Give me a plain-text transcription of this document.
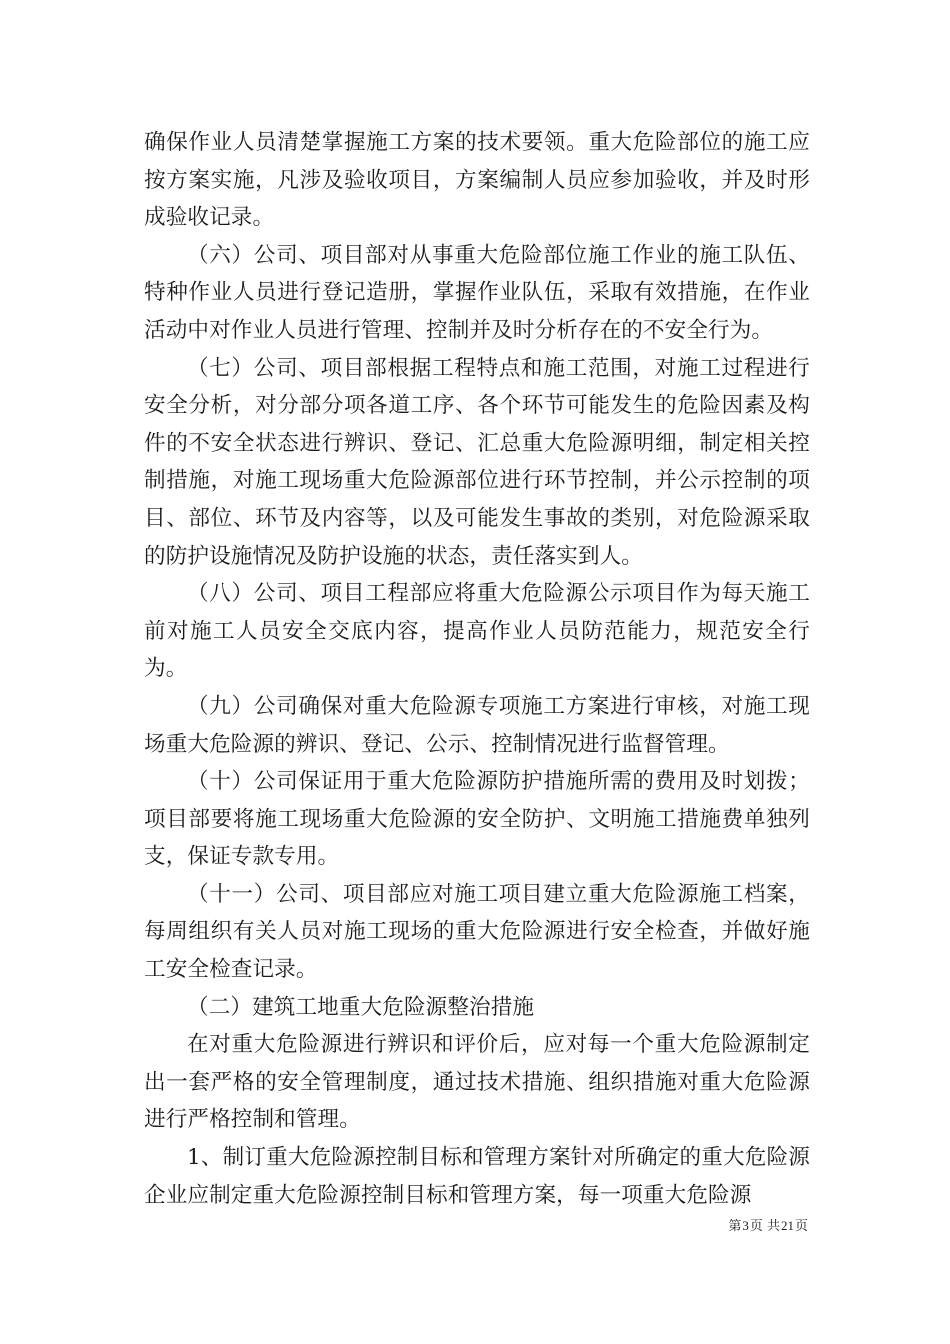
确保作业人员清楚掌握施工方案的技术要领。重大危险部位的施工应按方案实施，凡涉及验收项目，方案编制人员应参加验收，并及时形成验收记录。

（六）公司、项目部对从事重大危险部位施工作业的施工队伍、特种作业人员进行登记造册，掌握作业队伍，采取有效措施，在作业活动中对作业人员进行管理、控制并及时分析存在的不安全行为。

（七）公司、项目部根据工程特点和施工范围，对施工过程进行安全分析，对分部分项各道工序、各个环节可能发生的危险因素及构件的不安全状态进行辨识、登记、汇总重大危险源明细，制定相关控制措施，对施工现场重大危险源部位进行环节控制，并公示控制的项目、部位、环节及内容等，以及可能发生事故的类别，对危险源采取的防护设施情况及防护设施的状态，责任落实到人。

（八）公司、项目工程部应将重大危险源公示项目作为每天施工前对施工人员安全交底内容，提高作业人员防范能力，规范安全行为。

（九）公司确保对重大危险源专项施工方案进行审核，对施工现场重大危险源的辨识、登记、公示、控制情况进行监督管理。

（十）公司保证用于重大危险源防护措施所需的费用及时划拨；项目部要将施工现场重大危险源的安全防护、文明施工措施费单独列支，保证专款专用。

（十一）公司、项目部应对施工项目建立重大危险源施工档案，每周组织有关人员对施工现场的重大危险源进行安全检查，并做好施工安全检查记录。

（二）建筑工地重大危险源整治措施

在对重大危险源进行辨识和评价后，应对每一个重大危险源制定出一套严格的安全管理制度，通过技术措施、组织措施对重大危险源进行严格控制和管理。

1、制订重大危险源控制目标和管理方案针对所确定的重大危险源企业应制定重大危险源控制目标和管理方案，每一项重大危险源

第3页 共21页
